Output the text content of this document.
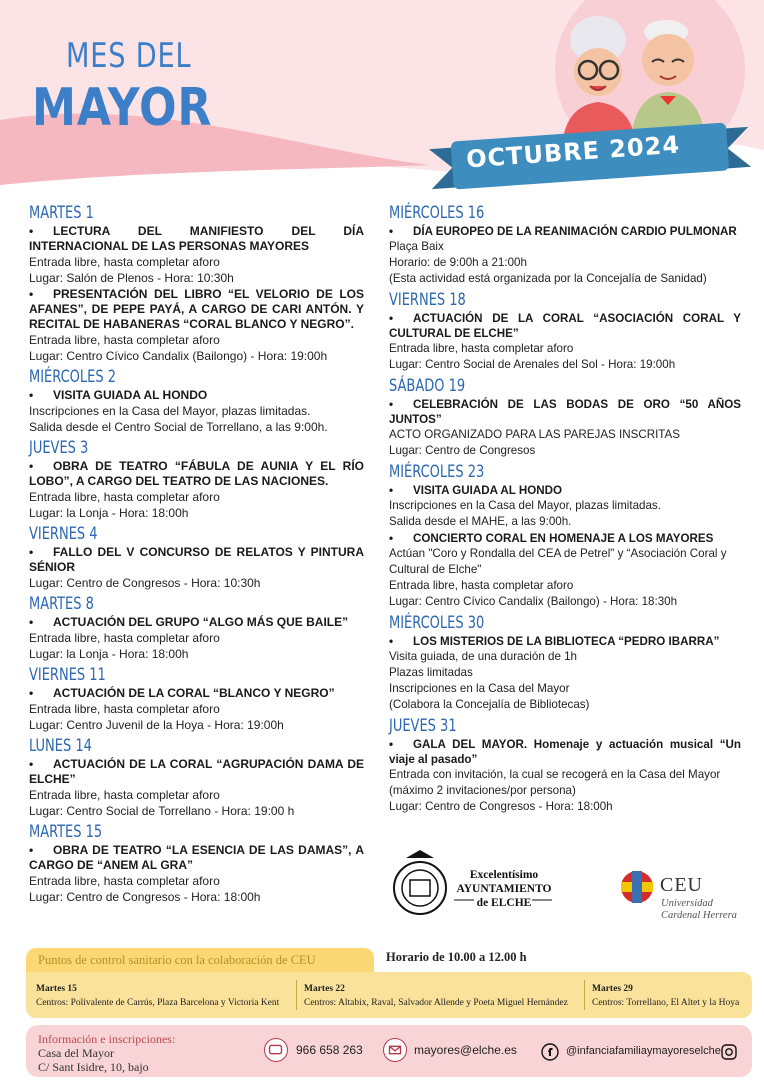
MES DEL
MAYOR
OCTUBRE 2024
MARTES 1
• LECTURA DEL MANIFIESTO DEL DÍA INTERNACIONAL DE LAS PERSONAS MAYORES
Entrada libre, hasta completar aforo
Lugar: Salón de Plenos - Hora: 10:30h
• PRESENTACIÓN DEL LIBRO “EL VELORIO DE LOS AFANES”, DE PEPE PAYÁ, A CARGO DE CARI ANTÓN. Y RECITAL DE HABANERAS “CORAL BLANCO Y NEGRO”.
Entrada libre, hasta completar aforo
Lugar: Centro Cívico Candalix (Bailongo) - Hora: 19:00h
MIÉRCOLES 2
• VISITA GUIADA AL HONDO
Inscripciones en la Casa del Mayor, plazas limitadas.
Salida desde el Centro Social de Torrellano, a las 9:00h.
JUEVES 3
• OBRA DE TEATRO “FÁBULA DE AUNIA Y EL RÍO LOBO”, A CARGO DEL TEATRO DE LAS NACIONES.
Entrada libre, hasta completar aforo
Lugar: la Lonja - Hora: 18:00h
VIERNES 4
• FALLO DEL V CONCURSO DE RELATOS Y PINTURA SÉNIOR
Lugar: Centro de Congresos - Hora: 10:30h
MARTES 8
• ACTUACIÓN DEL GRUPO “ALGO MÁS QUE BAILE”
Entrada libre, hasta completar aforo
Lugar: la Lonja - Hora: 18:00h
VIERNES 11
• ACTUACIÓN DE LA CORAL “BLANCO Y NEGRO”
Entrada libre, hasta completar aforo
Lugar: Centro Juvenil de la Hoya - Hora: 19:00h
LUNES 14
• ACTUACIÓN DE LA CORAL “AGRUPACIÓN DAMA DE ELCHE”
Entrada libre, hasta completar aforo
Lugar: Centro Social de Torrellano - Hora: 19:00 h
MARTES 15
• OBRA DE TEATRO “LA ESENCIA DE LAS DAMAS”, A CARGO DE “ANEM AL GRA”
Entrada libre, hasta completar aforo
Lugar: Centro de Congresos - Hora: 18:00h
MIÉRCOLES 16
• DÍA EUROPEO DE LA REANIMACIÓN CARDIO PULMONAR
Plaça Baix
Horario: de 9:00h a 21:00h
(Esta actividad está organizada por la Concejalía de Sanidad)
VIERNES 18
• ACTUACIÓN DE LA CORAL “ASOCIACIÓN CORAL Y CULTURAL DE ELCHE”
Entrada libre, hasta completar aforo
Lugar: Centro Social de Arenales del Sol - Hora: 19:00h
SÁBADO 19
• CELEBRACIÓN DE LAS BODAS DE ORO “50 AÑOS JUNTOS”
ACTO ORGANIZADO PARA LAS PAREJAS INSCRITAS
Lugar: Centro de Congresos
MIÉRCOLES 23
• VISITA GUIADA AL HONDO
Inscripciones en la Casa del Mayor, plazas limitadas.
Salida desde el MAHE, a las 9:00h.
• CONCIERTO CORAL EN HOMENAJE A LOS MAYORES
Actúan "Coro y Rondalla del CEA de Petrel" y “Asociación Coral y
Cultural de Elche"
Entrada libre, hasta completar aforo
Lugar: Centro Cívico Candalix (Bailongo) - Hora: 18:30h
MIÉRCOLES 30
• LOS MISTERIOS DE LA BIBLIOTECA “PEDRO IBARRA”
Visita guiada, de una duración de 1h
Plazas limitadas
Inscripciones en la Casa del Mayor
(Colabora la Concejalía de Bibliotecas)
JUEVES 31
• GALA DEL MAYOR. Homenaje y actuación musical “Un viaje al pasado”
Entrada con invitación, la cual se recogerá en la Casa del Mayor
(máximo 2 invitaciones/por persona)
Lugar: Centro de Congresos - Hora: 18:00h
Excelentísimo
AYUNTAMIENTO
de ELCHE
CEU
Universidad
Cardenal Herrera
Puntos de control sanitario con la colaboración de CEU	Horario de 10.00 a 12.00 h
Martes 15
Centros: Polivalente de Carrús, Plaza Barcelona y Victoria Kent
Martes 22
Centros: Altabix, Raval, Salvador Allende y Poeta Miguel Hernández
Martes 29
Centros: Torrellano, El Altet y la Hoya
Información e inscripciones:
Casa del Mayor
C/ Sant Isidre, 10, bajo
966 658 263	mayores@elche.es	@infanciafamiliaymayoreselche
